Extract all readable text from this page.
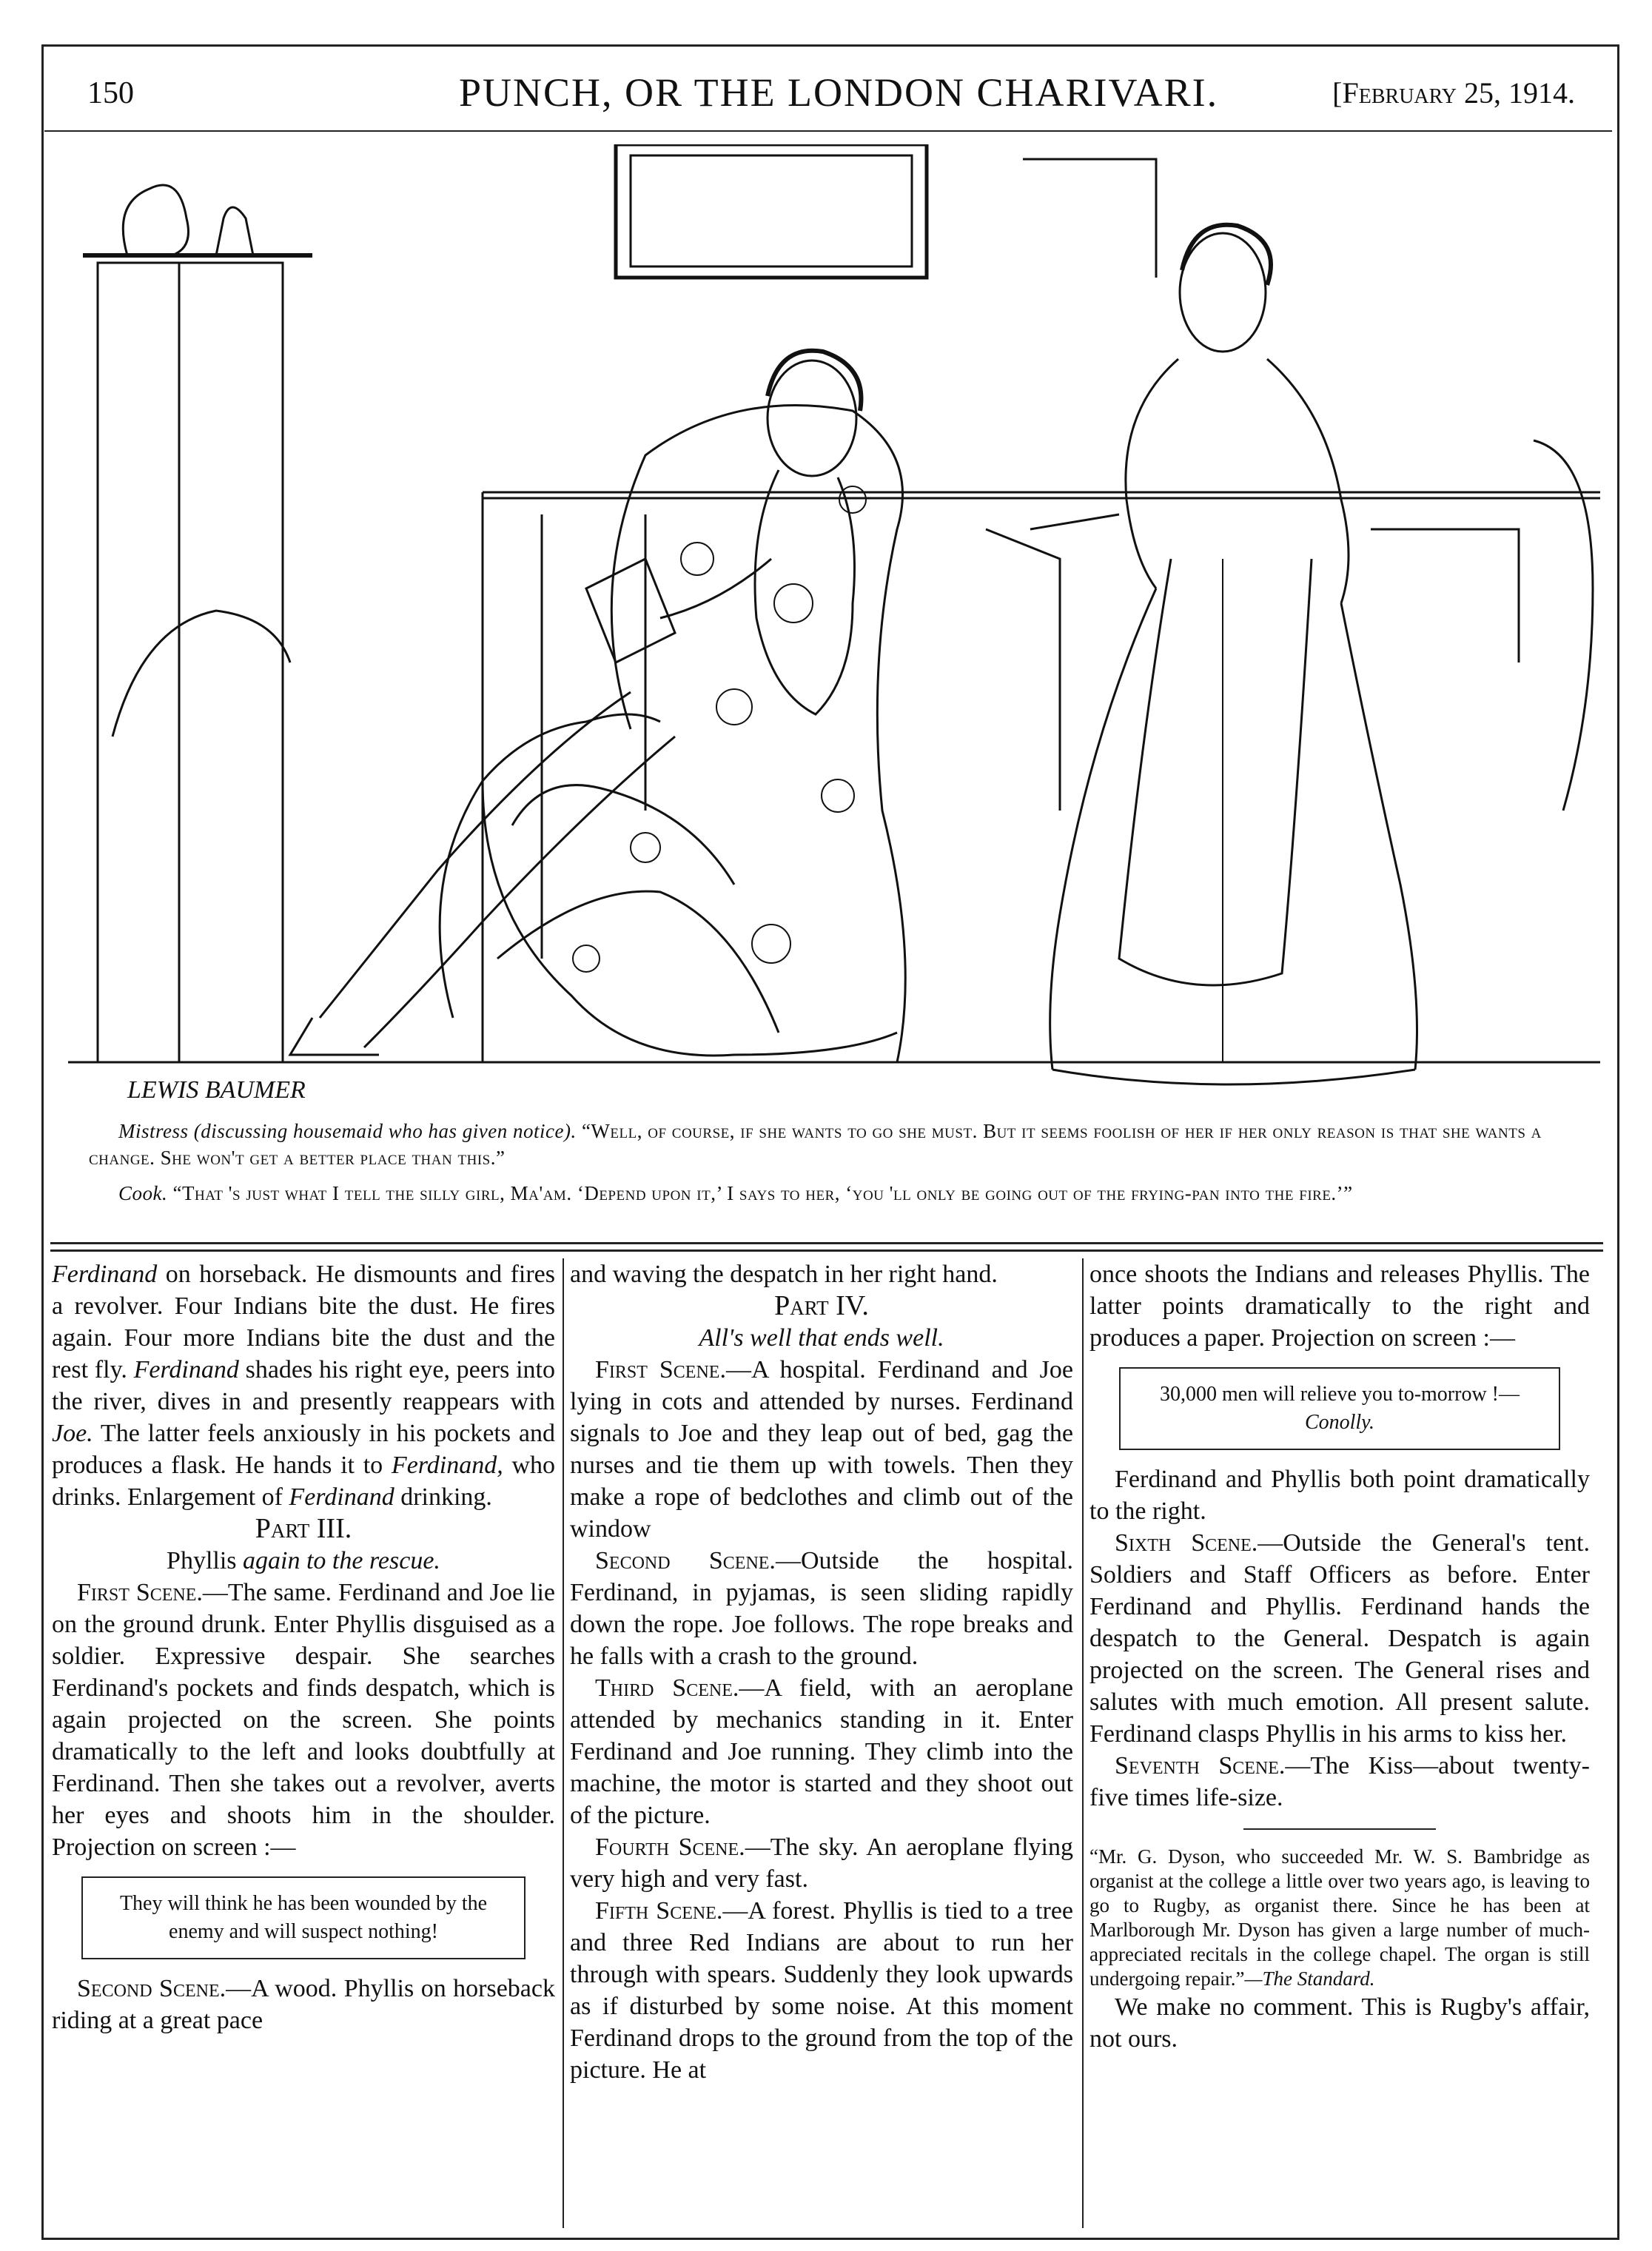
150	PUNCH, OR THE LONDON CHARIVARI.	[February 25, 1914.
LEWIS BAUMER

Mistress (discussing housemaid who has given notice). “Well, of course, if she wants to go she must. But it seems foolish of her if her only reason is that she wants a change. She won't get a better place than this.”

Cook. “That 's just what I tell the silly girl, Ma'am. ‘Depend upon it,’ I says to her, ‘you 'll only be going out of the frying-pan into the fire.’”

Ferdinand on horseback. He dismounts and fires a revolver. Four Indians bite the dust. He fires again. Four more Indians bite the dust and the rest fly. Ferdinand shades his right eye, peers into the river, dives in and presently reappears with Joe. The latter feels anxiously in his pockets and produces a flask. He hands it to Ferdinand, who drinks. Enlargement of Ferdinand drinking.

Part III.

Phyllis again to the rescue.

First Scene.—The same. Ferdinand and Joe lie on the ground drunk. Enter Phyllis disguised as a soldier. Expressive despair. She searches Ferdinand's pockets and finds despatch, which is again projected on the screen. She points dramatically to the left and looks doubtfully at Ferdinand. Then she takes out a revolver, averts her eyes and shoots him in the shoulder. Projection on screen :—

They will think he has been wounded by the enemy and will suspect nothing!

Second Scene.—A wood. Phyllis on horseback riding at a great pace

and waving the despatch in her right hand.

Part IV.

All's well that ends well.

First Scene.—A hospital. Ferdinand and Joe lying in cots and attended by nurses. Ferdinand signals to Joe and they leap out of bed, gag the nurses and tie them up with towels. Then they make a rope of bedclothes and climb out of the window

Second Scene.—Outside the hospital. Ferdinand, in pyjamas, is seen sliding rapidly down the rope. Joe follows. The rope breaks and he falls with a crash to the ground.

Third Scene.—A field, with an aeroplane attended by mechanics standing in it. Enter Ferdinand and Joe running. They climb into the machine, the motor is started and they shoot out of the picture.

Fourth Scene.—The sky. An aeroplane flying very high and very fast.

Fifth Scene.—A forest. Phyllis is tied to a tree and three Red Indians are about to run her through with spears. Suddenly they look upwards as if disturbed by some noise. At this moment Ferdinand drops to the ground from the top of the picture. He at

once shoots the Indians and releases Phyllis. The latter points dramatically to the right and produces a paper. Projection on screen :—

30,000 men will relieve you to-morrow !—Conolly.

Ferdinand and Phyllis both point dramatically to the right.

Sixth Scene.—Outside the General's tent. Soldiers and Staff Officers as before. Enter Ferdinand and Phyllis. Ferdinand hands the despatch to the General. Despatch is again projected on the screen. The General rises and salutes with much emotion. All present salute. Ferdinand clasps Phyllis in his arms to kiss her.

Seventh Scene.—The Kiss—about twenty-five times life-size.

“Mr. G. Dyson, who succeeded Mr. W. S. Bambridge as organist at the college a little over two years ago, is leaving to go to Rugby, as organist there. Since he has been at Marlborough Mr. Dyson has given a large number of much-appreciated recitals in the college chapel. The organ is still undergoing repair.”—The Standard.

We make no comment. This is Rugby's affair, not ours.
